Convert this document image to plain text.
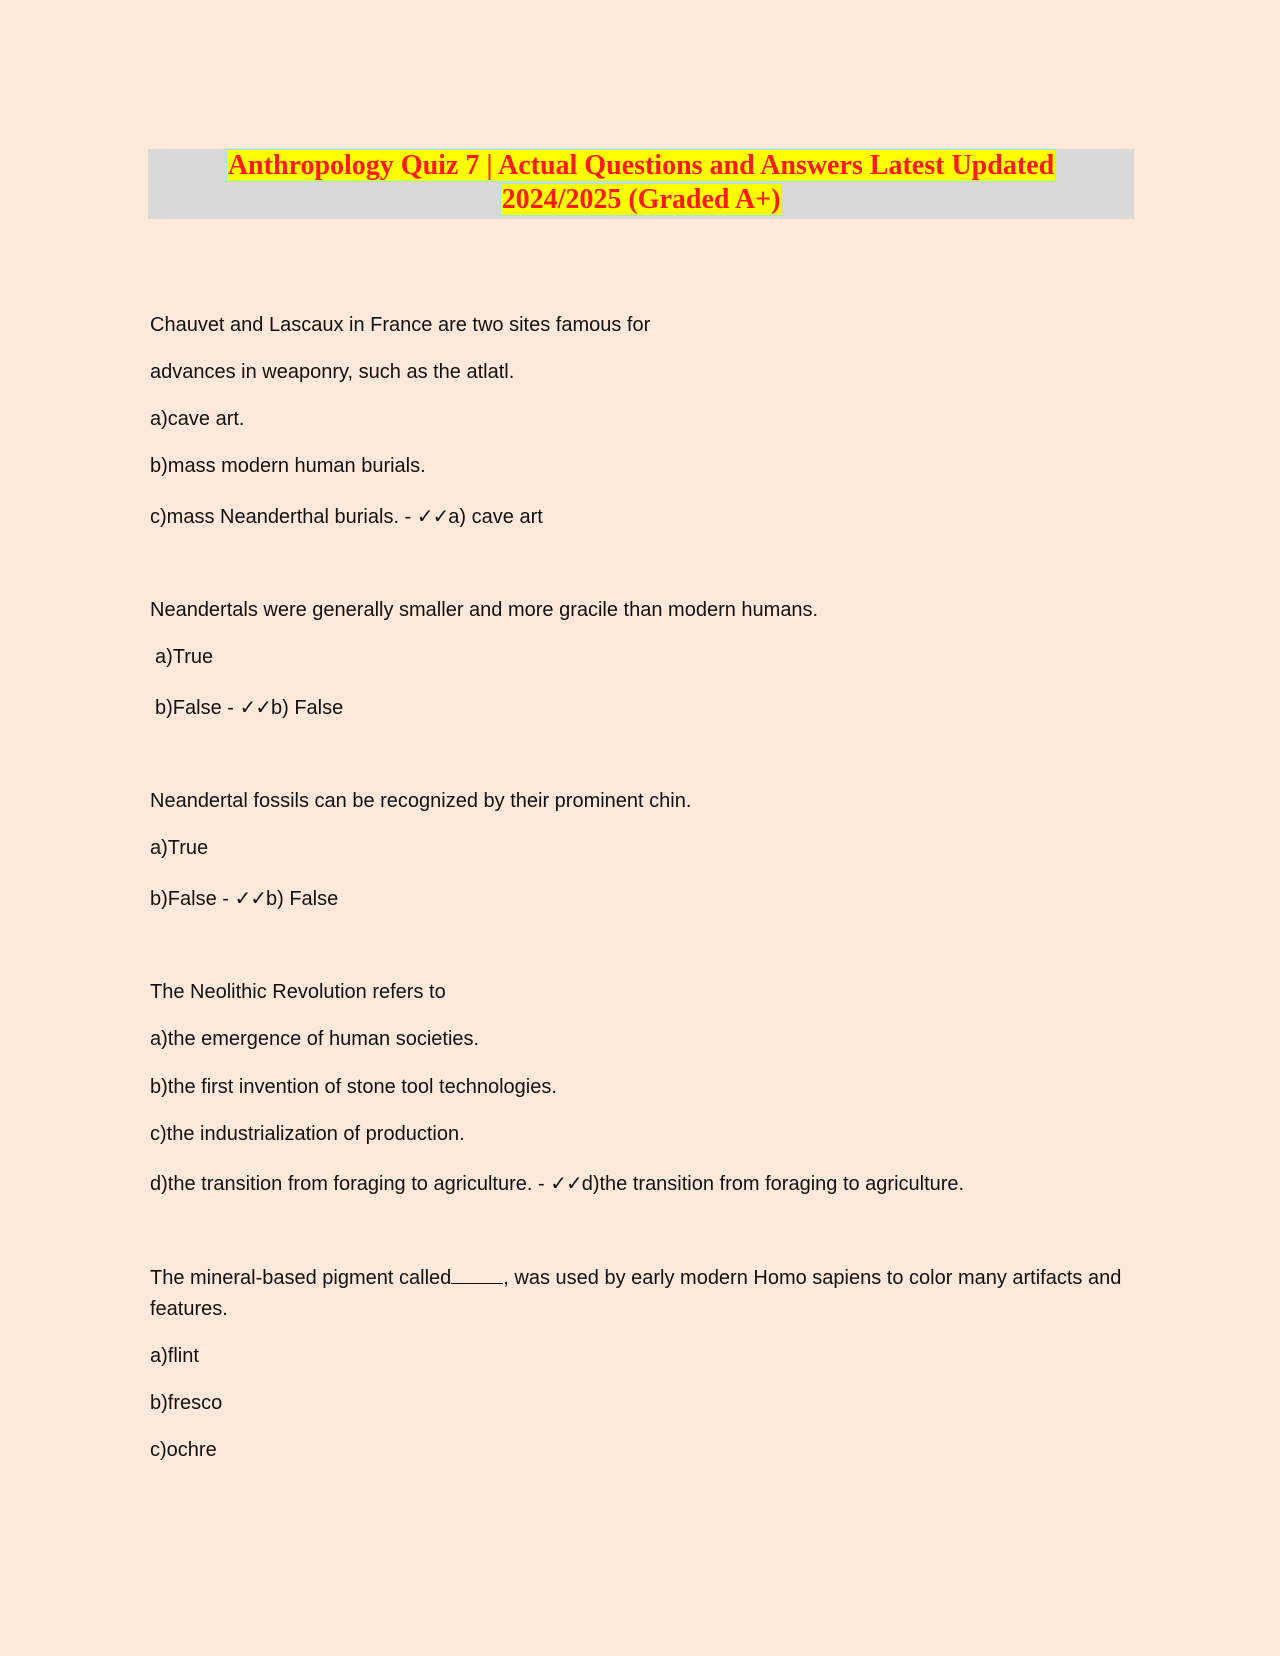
Anthropology Quiz 7 | Actual Questions and Answers Latest Updated
2024/2025 (Graded A+)

Chauvet and Lascaux in France are two sites famous for

advances in weaponry, such as the atlatl.

a)cave art.

b)mass modern human burials.

c)mass Neanderthal burials. - ✓✓a) cave art

Neandertals were generally smaller and more gracile than modern humans.

a)True

b)False - ✓✓b) False

Neandertal fossils can be recognized by their prominent chin.

a)True

b)False - ✓✓b) False

The Neolithic Revolution refers to

a)the emergence of human societies.

b)the first invention of stone tool technologies.

c)the industrialization of production.

d)the transition from foraging to agriculture. - ✓✓d)the transition from foraging to agriculture.

The mineral-based pigment called	, was used by early modern Homo sapiens to color many artifacts and features.

a)flint

b)fresco

c)ochre
